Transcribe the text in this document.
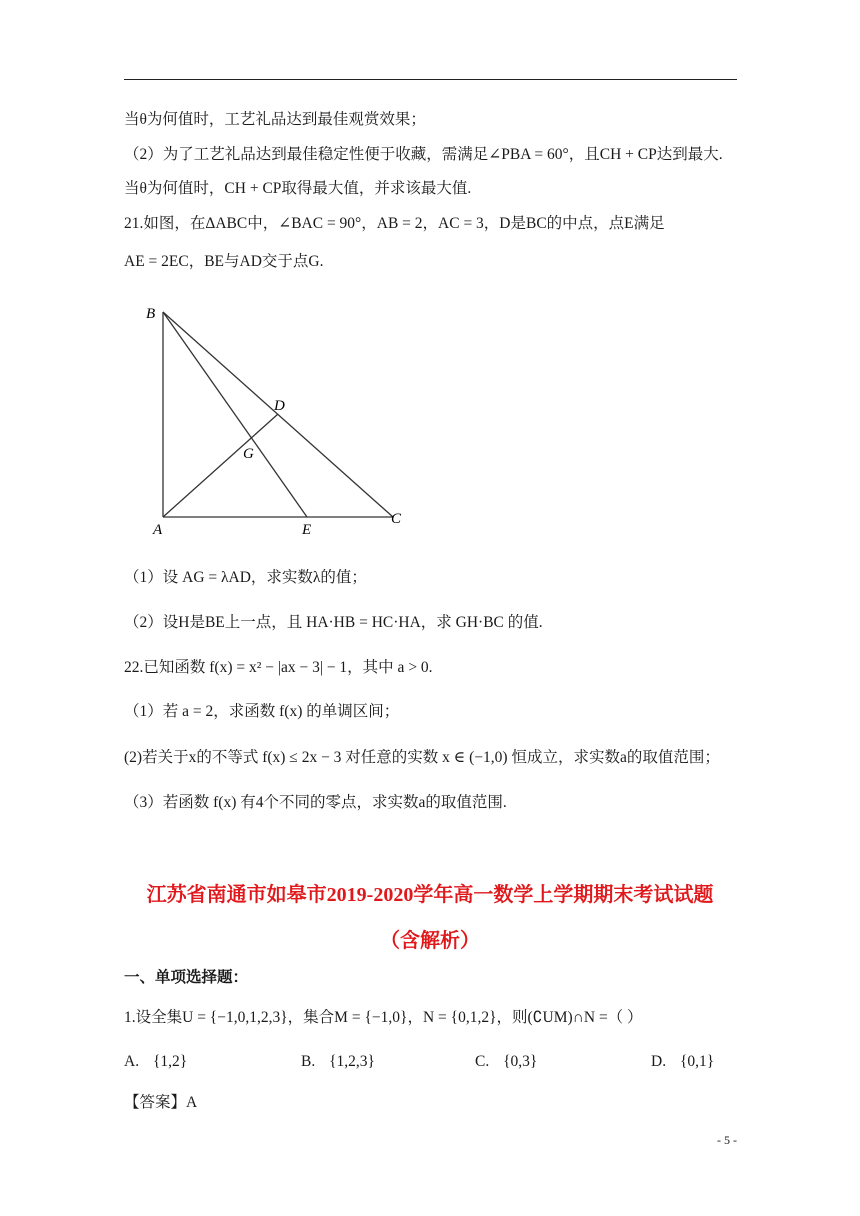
当θ为何值时，工艺礼品达到最佳观赏效果；
（2）为了工艺礼品达到最佳稳定性便于收藏，需满足∠PBA = 60°，且CH + CP达到最大.
当θ为何值时，CH + CP取得最大值，并求该最大值.
21.如图，在ΔABC中，∠BAC = 90°，AB = 2，AC = 3，D是BC的中点，点E满足
AE = 2EC，BE与AD交于点G.
B
D
G
A	E
C
（1）设 AG = λAD，求实数λ的值；
（2）设H是BE上一点，且 HA·HB = HC·HA，求 GH·BC 的值.
22.已知函数 f(x) = x² − |ax − 3| − 1，其中 a > 0.
（1）若 a = 2，求函数 f(x) 的单调区间；
(2)若关于x的不等式 f(x) ≤ 2x − 3 对任意的实数 x ∈ (−1,0) 恒成立，求实数a的取值范围；
（3）若函数 f(x) 有4个不同的零点，求实数a的取值范围.
江苏省南通市如皋市2019-2020学年高一数学上学期期末考试试题
（含解析）
一、单项选择题：
1.设全集U = {−1,0,1,2,3}，集合M = {−1,0}，N = {0,1,2}，则(∁UM)∩N =（ ）
A. {1,2}	B. {1,2,3}	C. {0,3}	D. {0,1}
【答案】A
- 5 -
